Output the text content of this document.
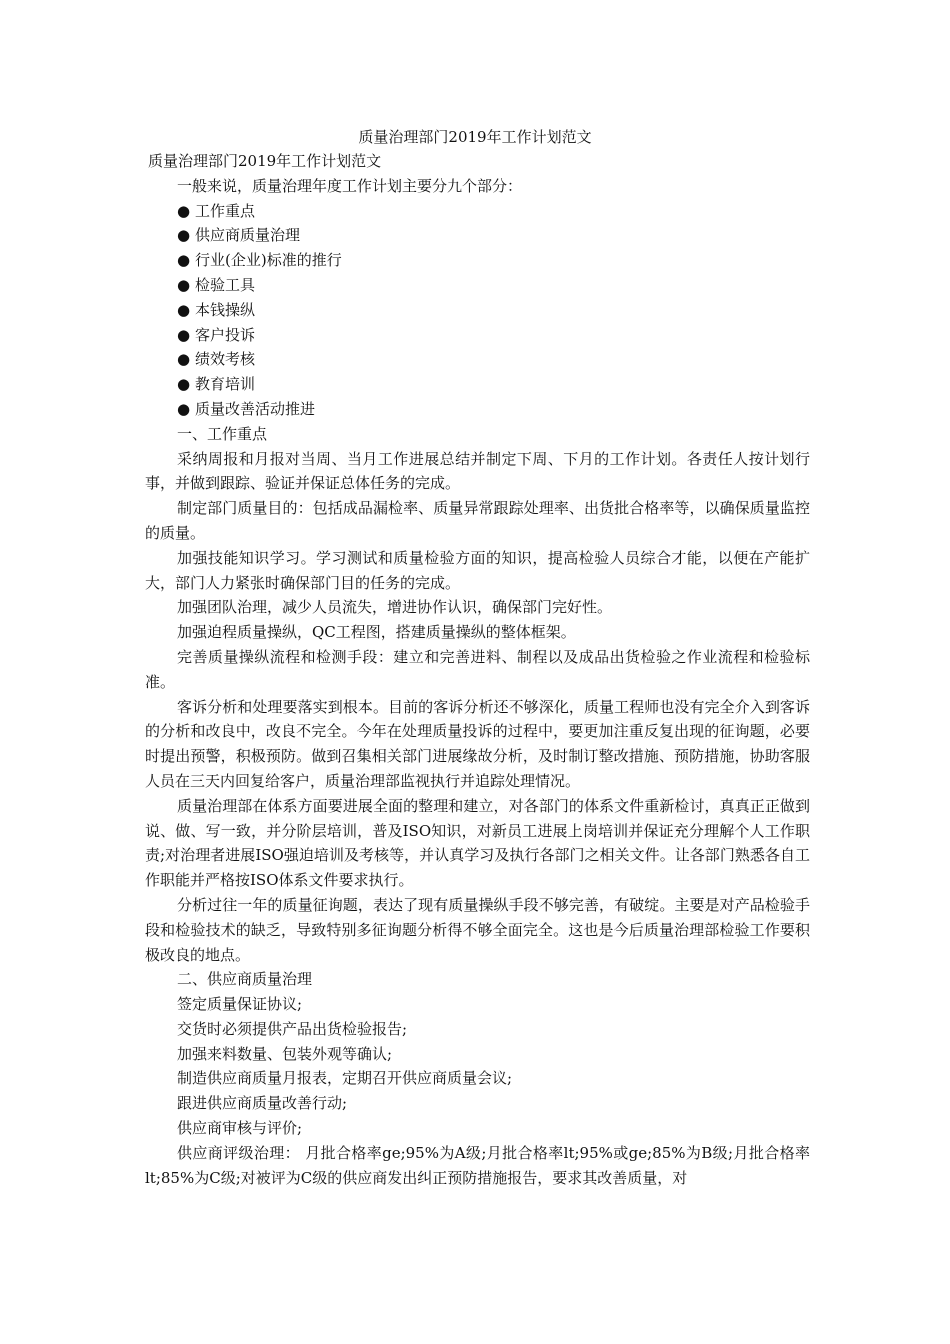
质量治理部门2019年工作计划范文

质量治理部门2019年工作计划范文

一般来说，质量治理年度工作计划主要分九个部分：

● 工作重点
● 供应商质量治理
● 行业(企业)标准的推行
● 检验工具
● 本钱操纵
● 客户投诉
● 绩效考核
● 教育培训
● 质量改善活动推进

一、工作重点

采纳周报和月报对当周、当月工作进展总结并制定下周、下月的工作计划。各责任人按计划行事，并做到跟踪、验证并保证总体任务的完成。

制定部门质量目的：包括成品漏检率、质量异常跟踪处理率、出货批合格率等，以确保质量监控的质量。

加强技能知识学习。学习测试和质量检验方面的知识，提高检验人员综合才能，以便在产能扩大，部门人力紧张时确保部门目的任务的完成。

加强团队治理，减少人员流失，增进协作认识，确保部门完好性。

加强迫程质量操纵，QC工程图，搭建质量操纵的整体框架。

完善质量操纵流程和检测手段：建立和完善进料、制程以及成品出货检验之作业流程和检验标准。

客诉分析和处理要落实到根本。目前的客诉分析还不够深化，质量工程师也没有完全介入到客诉的分析和改良中，改良不完全。今年在处理质量投诉的过程中，要更加注重反复出现的征询题，必要时提出预警，积极预防。做到召集相关部门进展缘故分析，及时制订整改措施、预防措施，协助客服人员在三天内回复给客户，质量治理部监视执行并追踪处理情况。

质量治理部在体系方面要进展全面的整理和建立，对各部门的体系文件重新检讨，真真正正做到说、做、写一致，并分阶层培训，普及ISO知识，对新员工进展上岗培训并保证充分理解个人工作职责;对治理者进展ISO强迫培训及考核等，并认真学习及执行各部门之相关文件。让各部门熟悉各自工作职能并严格按ISO体系文件要求执行。

分析过往一年的质量征询题，表达了现有质量操纵手段不够完善，有破绽。主要是对产品检验手段和检验技术的缺乏，导致特别多征询题分析得不够全面完全。这也是今后质量治理部检验工作要积极改良的地点。

二、供应商质量治理

签定质量保证协议;

交货时必须提供产品出货检验报告;

加强来料数量、包装外观等确认;

制造供应商质量月报表，定期召开供应商质量会议;

跟进供应商质量改善行动;

供应商审核与评价;

供应商评级治理： 月批合格率ge;95%为A级;月批合格率lt;95%或ge;85%为B级;月批合格率lt;85%为C级;对被评为C级的供应商发出纠正预防措施报告，要求其改善质量，对
